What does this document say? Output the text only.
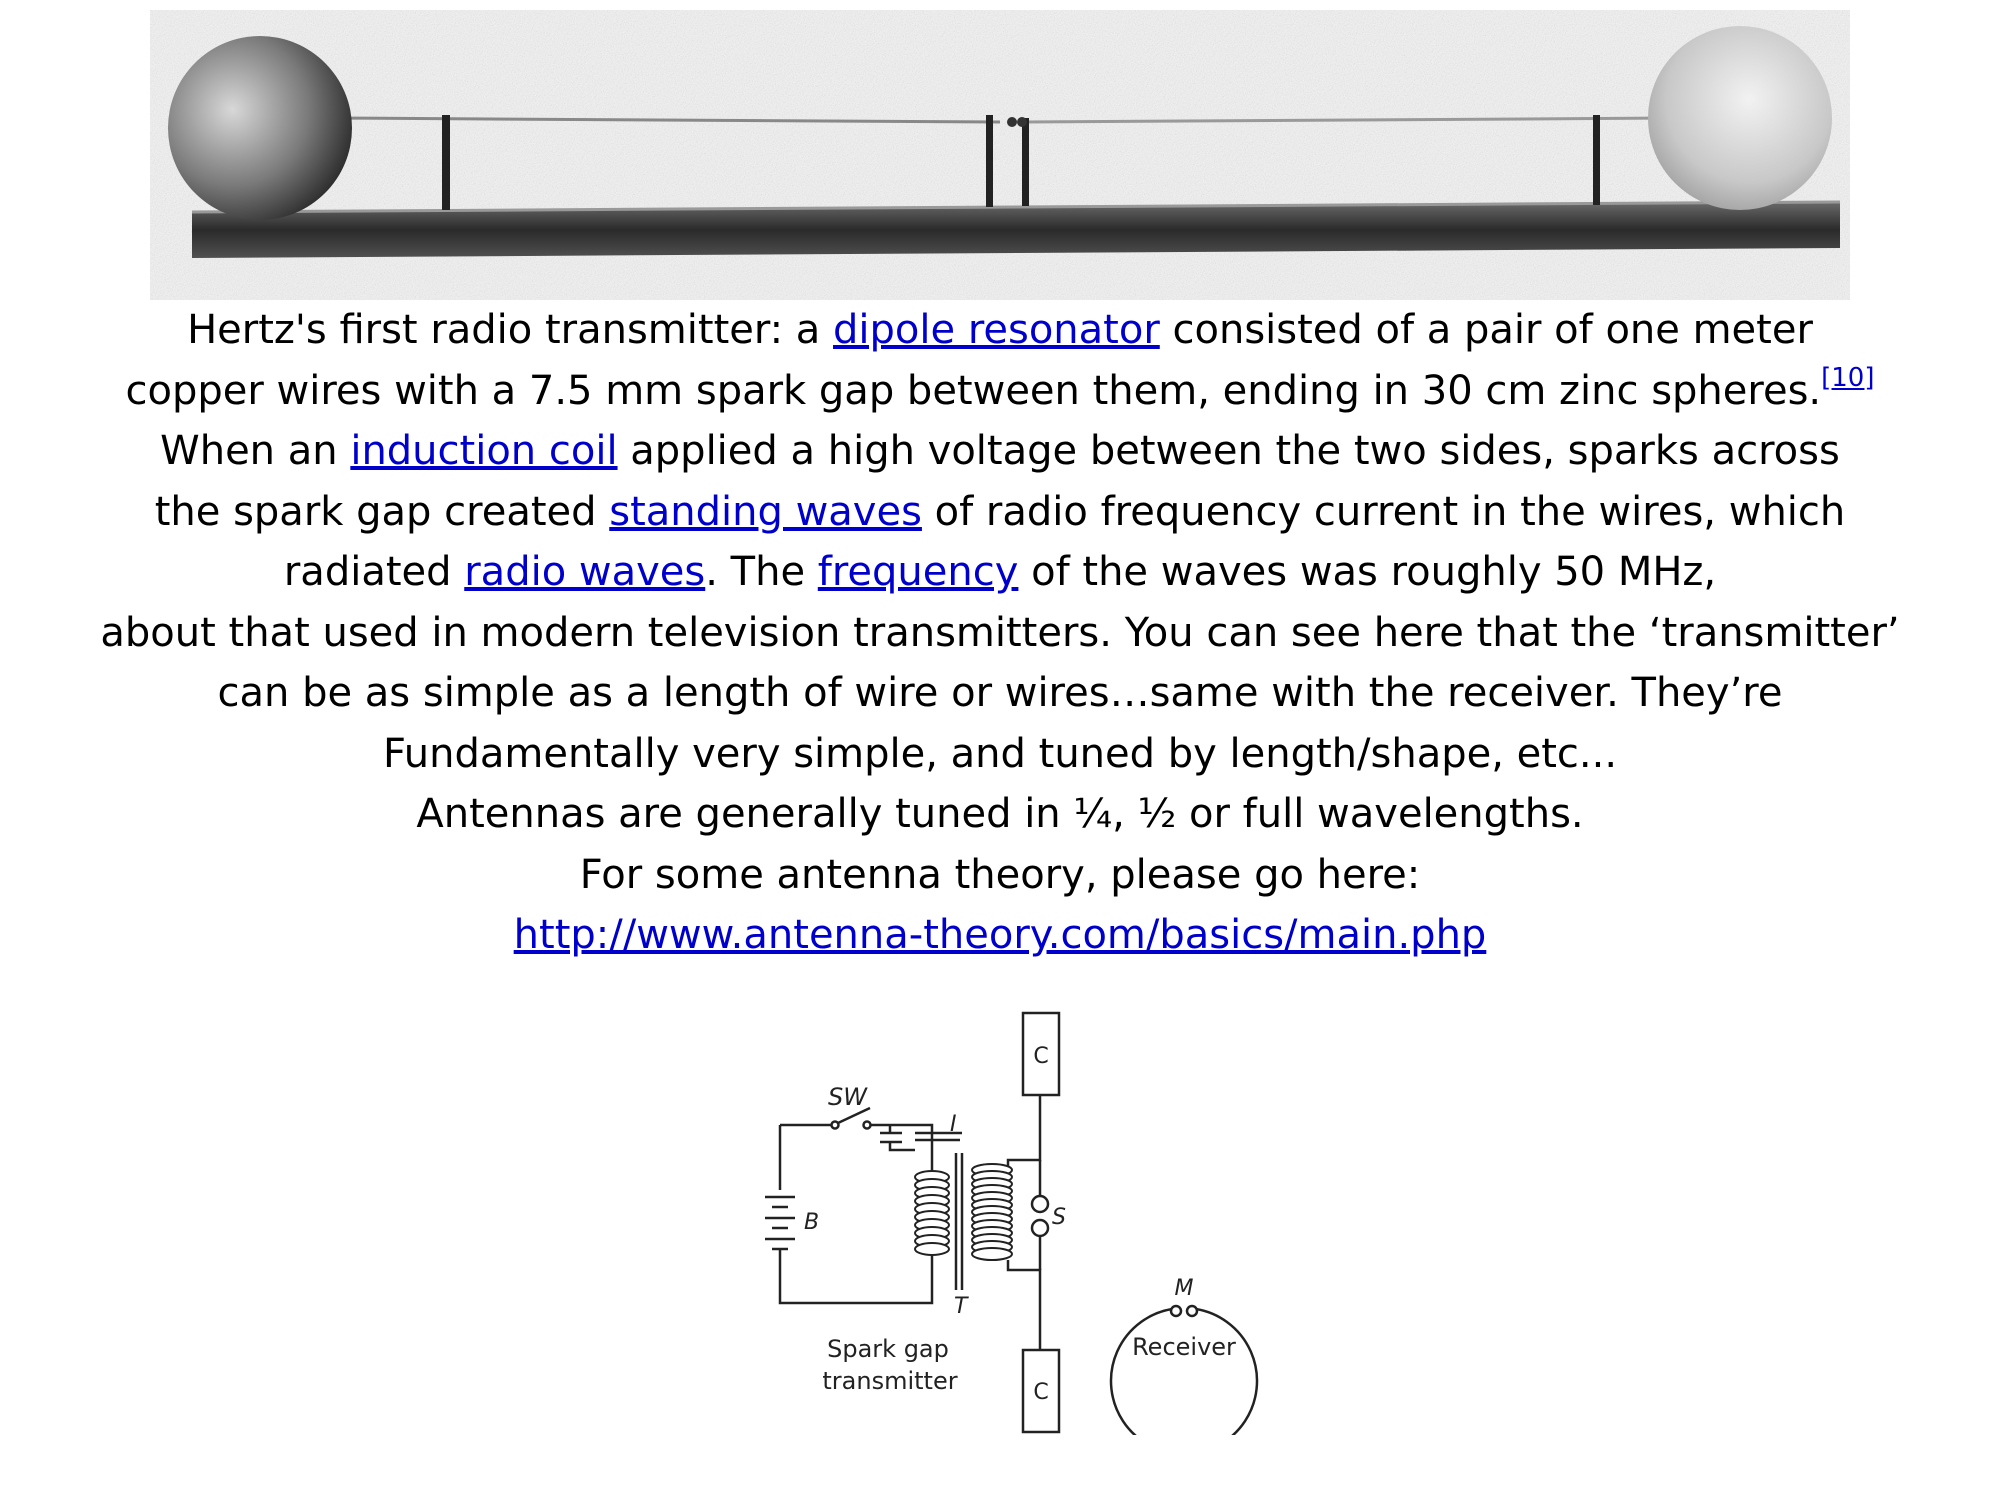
Hertz's first radio transmitter: a dipole resonator consisted of a pair of one meter
copper wires with a 7.5 mm spark gap between them, ending in 30 cm zinc spheres.[10]
When an induction coil applied a high voltage between the two sides, sparks across
the spark gap created standing waves of radio frequency current in the wires, which
radiated radio waves. The frequency of the waves was roughly 50 MHz,
about that used in modern television transmitters. You can see here that the ‘transmitter’
can be as simple as a length of wire or wires…same with the receiver. They’re
Fundamentally very simple, and tuned by length/shape, etc...
Antennas are generally tuned in ¼, ½ or full wavelengths.
For some antenna theory, please go here:
http://www.antenna-theory.com/basics/main.php
SW
I
B
T
S
C
C
M
Spark gap
transmitter
Receiver
